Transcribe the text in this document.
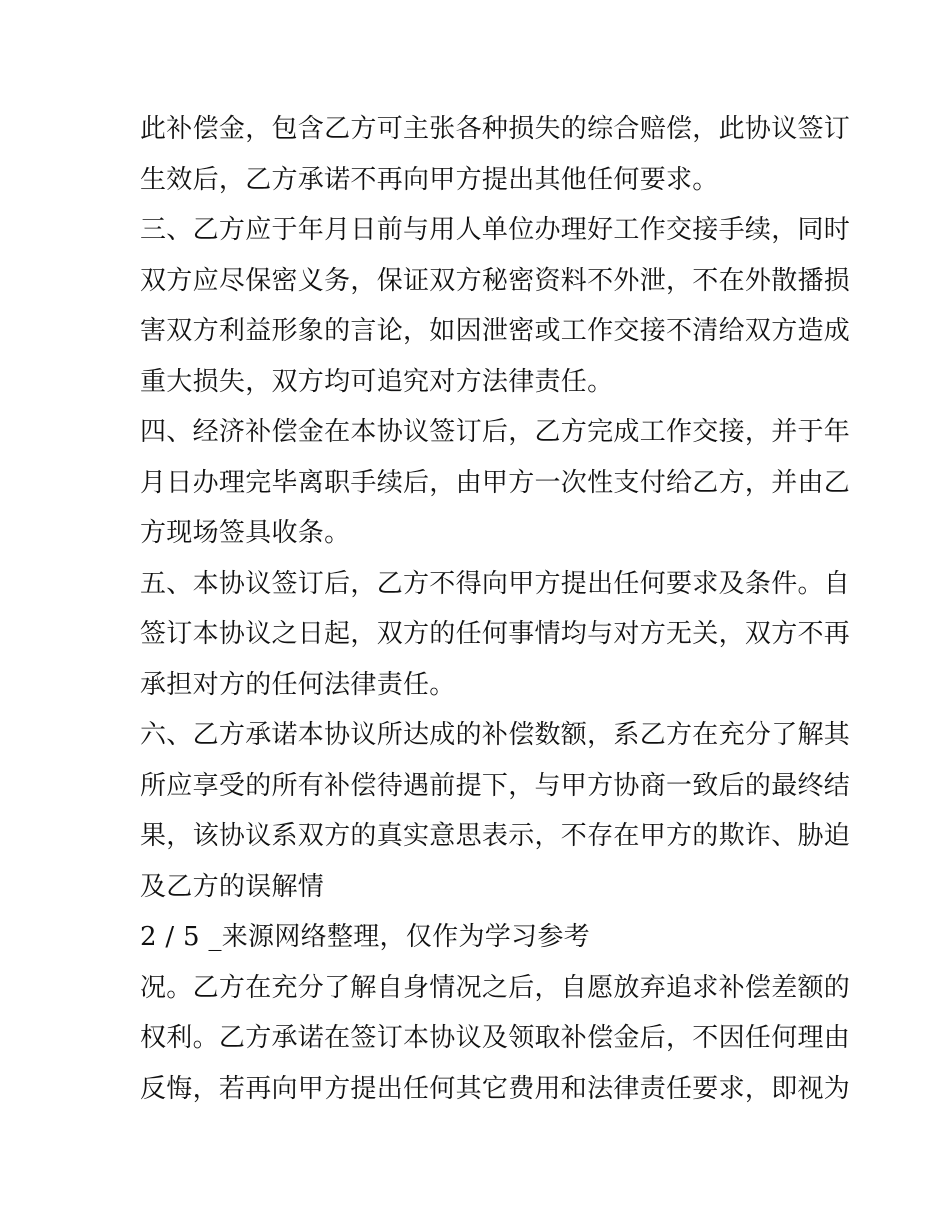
此补偿金，包含乙方可主张各种损失的综合赔偿，此协议签订
生效后，乙方承诺不再向甲方提出其他任何要求。
三、乙方应于年月日前与用人单位办理好工作交接手续，同时
双方应尽保密义务，保证双方秘密资料不外泄，不在外散播损
害双方利益形象的言论，如因泄密或工作交接不清给双方造成
重大损失，双方均可追究对方法律责任。
四、经济补偿金在本协议签订后，乙方完成工作交接，并于年
月日办理完毕离职手续后，由甲方一次性支付给乙方，并由乙
方现场签具收条。
五、本协议签订后，乙方不得向甲方提出任何要求及条件。自
签订本协议之日起，双方的任何事情均与对方无关，双方不再
承担对方的任何法律责任。
六、乙方承诺本协议所达成的补偿数额，系乙方在充分了解其
所应享受的所有补偿待遇前提下，与甲方协商一致后的最终结
果，该协议系双方的真实意思表示，不存在甲方的欺诈、胁迫
及乙方的误解情
2 / 5 _来源网络整理，仅作为学习参考
况。乙方在充分了解自身情况之后，自愿放弃追求补偿差额的
权利。乙方承诺在签订本协议及领取补偿金后，不因任何理由
反悔，若再向甲方提出任何其它费用和法律责任要求，即视为
